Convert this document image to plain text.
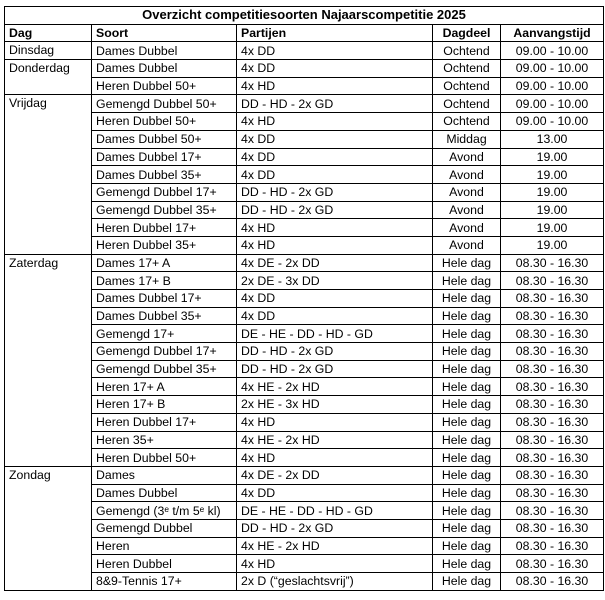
Overzicht competitiesoorten Najaarscompetitie 2025				
Dag	Soort	Partijen	Dagdeel	Aanvangstijd
Dinsdag	Dames Dubbel	4x DD	Ochtend	09.00 - 10.00
Donderdag	Dames Dubbel	4x DD	Ochtend	09.00 - 10.00
	Heren Dubbel 50+	4x HD	Ochtend	09.00 - 10.00
Vrijdag	Gemengd Dubbel 50+	DD - HD - 2x GD	Ochtend	09.00 - 10.00
	Heren Dubbel 50+	4x HD	Ochtend	09.00 - 10.00
	Dames Dubbel 50+	4x DD	Middag	13.00
	Dames Dubbel 17+	4x DD	Avond	19.00
	Dames Dubbel 35+	4x DD	Avond	19.00
	Gemengd Dubbel 17+	DD - HD - 2x GD	Avond	19.00
	Gemengd Dubbel 35+	DD - HD - 2x GD	Avond	19.00
	Heren Dubbel 17+	4x HD	Avond	19.00
	Heren Dubbel 35+	4x HD	Avond	19.00
Zaterdag	Dames 17+ A	4x DE - 2x DD	Hele dag	08.30 - 16.30
	Dames 17+ B	2x DE - 3x DD	Hele dag	08.30 - 16.30
	Dames Dubbel 17+	4x DD	Hele dag	08.30 - 16.30
	Dames Dubbel 35+	4x DD	Hele dag	08.30 - 16.30
	Gemengd 17+	DE - HE - DD - HD - GD	Hele dag	08.30 - 16.30
	Gemengd Dubbel 17+	DD - HD - 2x GD	Hele dag	08.30 - 16.30
	Gemengd Dubbel 35+	DD - HD - 2x GD	Hele dag	08.30 - 16.30
	Heren 17+ A	4x HE - 2x HD	Hele dag	08.30 - 16.30
	Heren 17+ B	2x HE - 3x HD	Hele dag	08.30 - 16.30
	Heren Dubbel 17+	4x HD	Hele dag	08.30 - 16.30
	Heren 35+	4x HE - 2x HD	Hele dag	08.30 - 16.30
	Heren Dubbel 50+	4x HD	Hele dag	08.30 - 16.30
Zondag	Dames	4x DE - 2x DD	Hele dag	08.30 - 16.30
	Dames Dubbel	4x DD	Hele dag	08.30 - 16.30
	Gemengd (3ᵉ t/m 5ᵉ kl)	DE - HE - DD - HD - GD	Hele dag	08.30 - 16.30
	Gemengd Dubbel	DD - HD - 2x GD	Hele dag	08.30 - 16.30
	Heren	4x HE - 2x HD	Hele dag	08.30 - 16.30
	Heren Dubbel	4x HD	Hele dag	08.30 - 16.30
	8&9-Tennis 17+	2x D (“geslachtsvrij”)	Hele dag	08.30 - 16.30
